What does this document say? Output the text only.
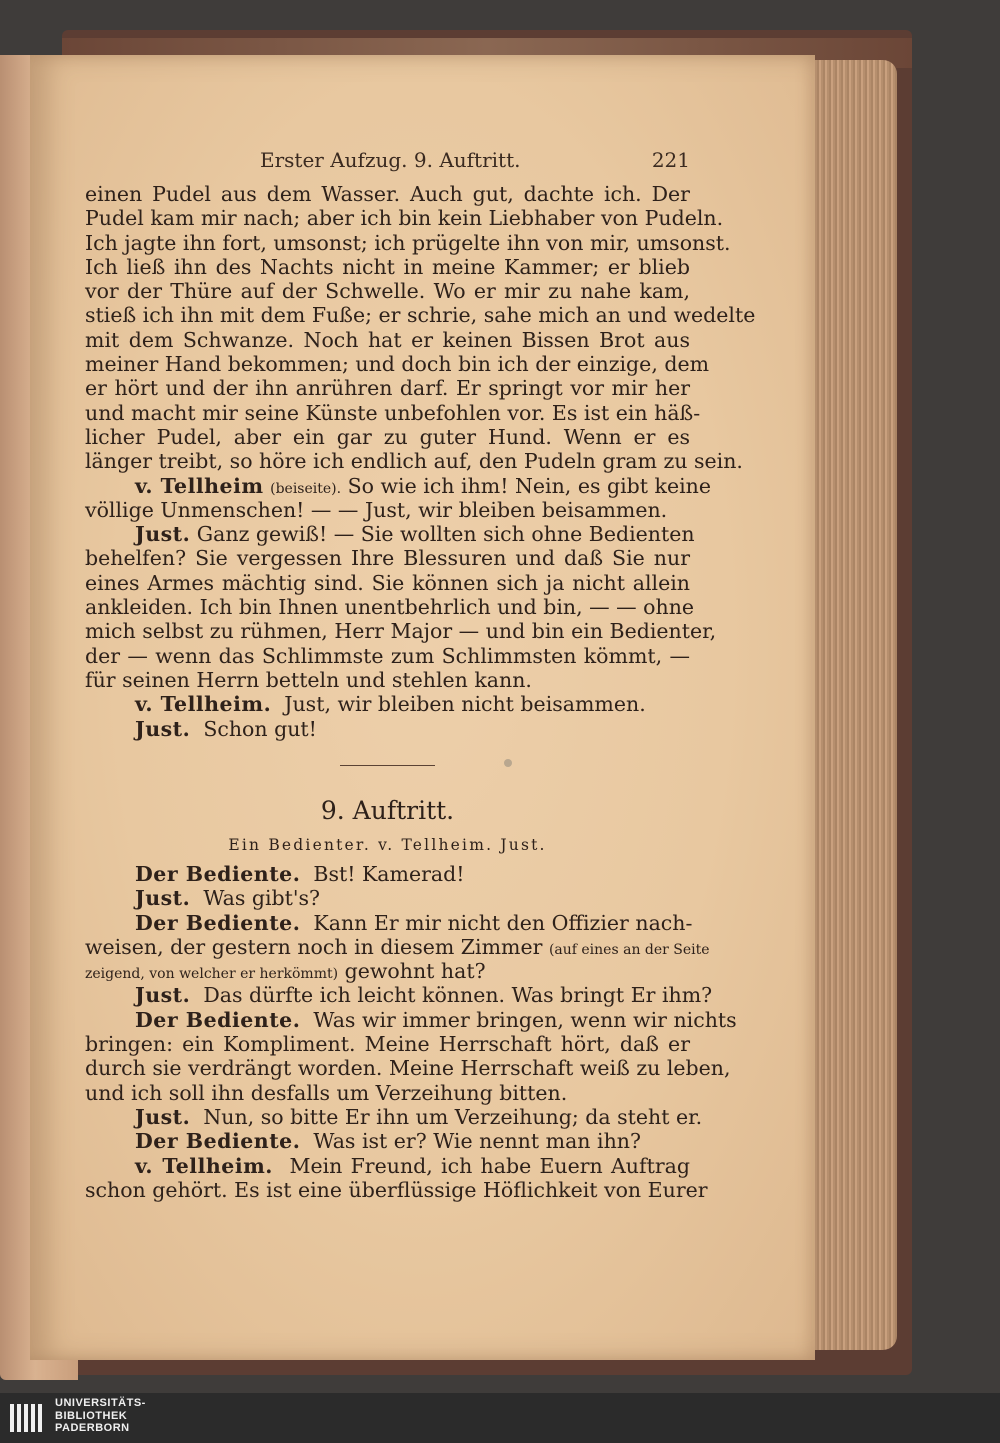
Erster Aufzug. 9. Auftritt.	221
einen Pudel aus dem Wasser. Auch gut, dachte ich. Der
Pudel kam mir nach; aber ich bin kein Liebhaber von Pudeln.
Ich jagte ihn fort, umsonst; ich prügelte ihn von mir, umsonst.
Ich ließ ihn des Nachts nicht in meine Kammer; er blieb
vor der Thüre auf der Schwelle. Wo er mir zu nahe kam,
stieß ich ihn mit dem Fuße; er schrie, sahe mich an und wedelte
mit dem Schwanze. Noch hat er keinen Bissen Brot aus
meiner Hand bekommen; und doch bin ich der einzige, dem
er hört und der ihn anrühren darf. Er springt vor mir her
und macht mir seine Künste unbefohlen vor. Es ist ein häß-
licher Pudel, aber ein gar zu guter Hund. Wenn er es
länger treibt, so höre ich endlich auf, den Pudeln gram zu sein.
v. Tellheim (beiseite). So wie ich ihm! Nein, es gibt keine
völlige Unmenschen! — — Just, wir bleiben beisammen.
Just. Ganz gewiß! — Sie wollten sich ohne Bedienten
behelfen? Sie vergessen Ihre Blessuren und daß Sie nur
eines Armes mächtig sind. Sie können sich ja nicht allein
ankleiden. Ich bin Ihnen unentbehrlich und bin, — — ohne
mich selbst zu rühmen, Herr Major — und bin ein Bedienter,
der — wenn das Schlimmste zum Schlimmsten kömmt, —
für seinen Herrn betteln und stehlen kann.
v. Tellheim. Just, wir bleiben nicht beisammen.
Just. Schon gut!
9. Auftritt.
Ein Bedienter. v. Tellheim. Just.
Der Bediente. Bst! Kamerad!
Just. Was gibt's?
Der Bediente. Kann Er mir nicht den Offizier nach-
weisen, der gestern noch in diesem Zimmer (auf eines an der Seite
zeigend, von welcher er herkömmt) gewohnt hat?
Just. Das dürfte ich leicht können. Was bringt Er ihm?
Der Bediente. Was wir immer bringen, wenn wir nichts
bringen: ein Kompliment. Meine Herrschaft hört, daß er
durch sie verdrängt worden. Meine Herrschaft weiß zu leben,
und ich soll ihn desfalls um Verzeihung bitten.
Just. Nun, so bitte Er ihn um Verzeihung; da steht er.
Der Bediente. Was ist er? Wie nennt man ihn?
v. Tellheim. Mein Freund, ich habe Euern Auftrag
schon gehört. Es ist eine überflüssige Höflichkeit von Eurer
UNIVERSITÄTS-
BIBLIOTHEK
PADERBORN
